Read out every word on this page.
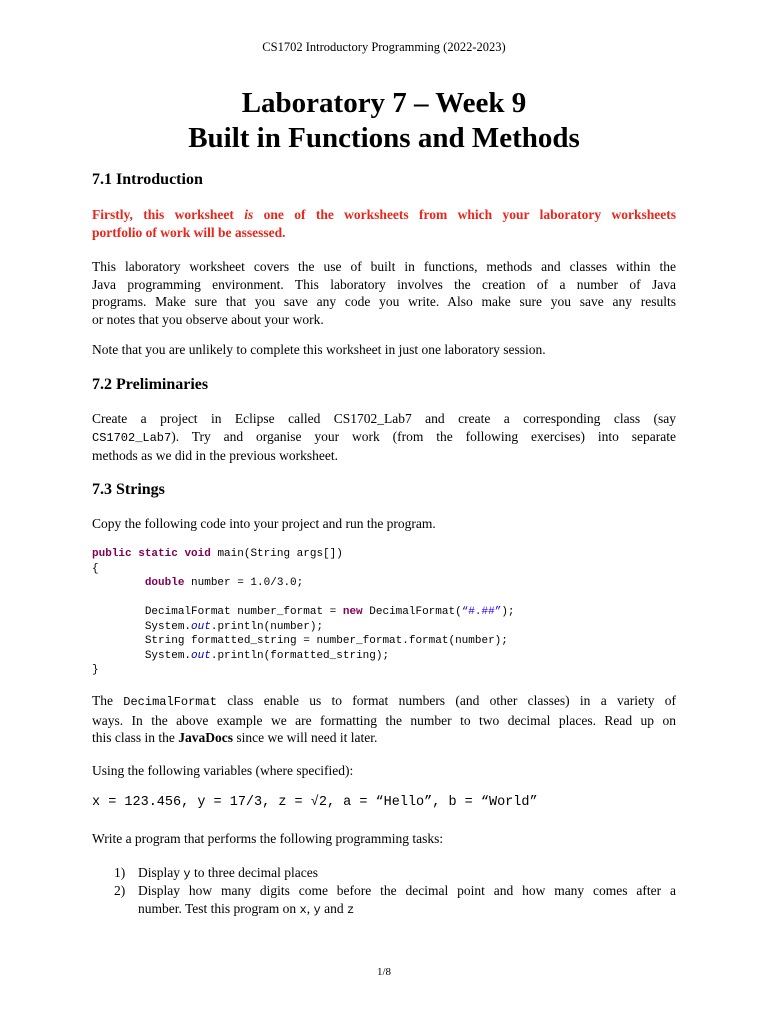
CS1702 Introductory Programming (2022-2023)
Laboratory 7 – Week 9
Built in Functions and Methods
7.1 Introduction
Firstly, this worksheet is one of the worksheets from which your laboratory worksheets
portfolio of work will be assessed.
This laboratory worksheet covers the use of built in functions, methods and classes within the
Java programming environment. This laboratory involves the creation of a number of Java
programs. Make sure that you save any code you write. Also make sure you save any results
or notes that you observe about your work.
Note that you are unlikely to complete this worksheet in just one laboratory session.
7.2 Preliminaries
Create a project in Eclipse called CS1702_Lab7 and create a corresponding class (say
CS1702_Lab7). Try and organise your work (from the following exercises) into separate
methods as we did in the previous worksheet.
7.3 Strings
Copy the following code into your project and run the program.
public static void main(String args[])
{
double number = 1.0/3.0;

DecimalFormat number_format = new DecimalFormat(“#.##”);
System.out.println(number);
String formatted_string = number_format.format(number);
System.out.println(formatted_string);
}
The DecimalFormat class enable us to format numbers (and other classes) in a variety of
ways. In the above example we are formatting the number to two decimal places. Read up on
this class in the JavaDocs since we will need it later.
Using the following variables (where specified):
x = 123.456, y = 17/3, z = √2, a = “Hello”, b = “World”
Write a program that performs the following programming tasks:
1) Display y to three decimal places
2) Display how many digits come before the decimal point and how many comes after a
number. Test this program on x, y and z
1/8
